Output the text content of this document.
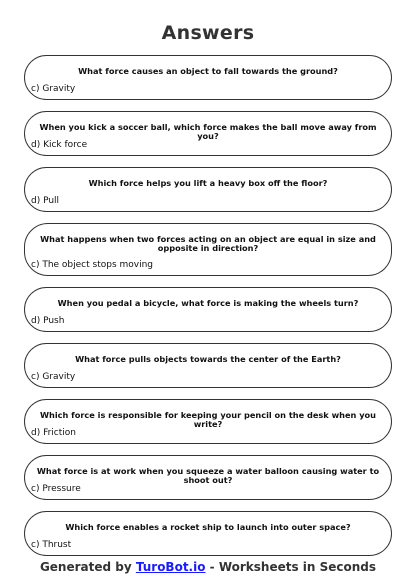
Answers
What force causes an object to fall towards the ground?
c) Gravity
When you kick a soccer ball, which force makes the ball move away from you?
d) Kick force
Which force helps you lift a heavy box off the floor?
d) Pull
What happens when two forces acting on an object are equal in size and opposite in direction?
c) The object stops moving
When you pedal a bicycle, what force is making the wheels turn?
d) Push
What force pulls objects towards the center of the Earth?
c) Gravity
Which force is responsible for keeping your pencil on the desk when you write?
d) Friction
What force is at work when you squeeze a water balloon causing water to shoot out?
c) Pressure
Which force enables a rocket ship to launch into outer space?
c) Thrust
Generated by TuroBot.io - Worksheets in Seconds
